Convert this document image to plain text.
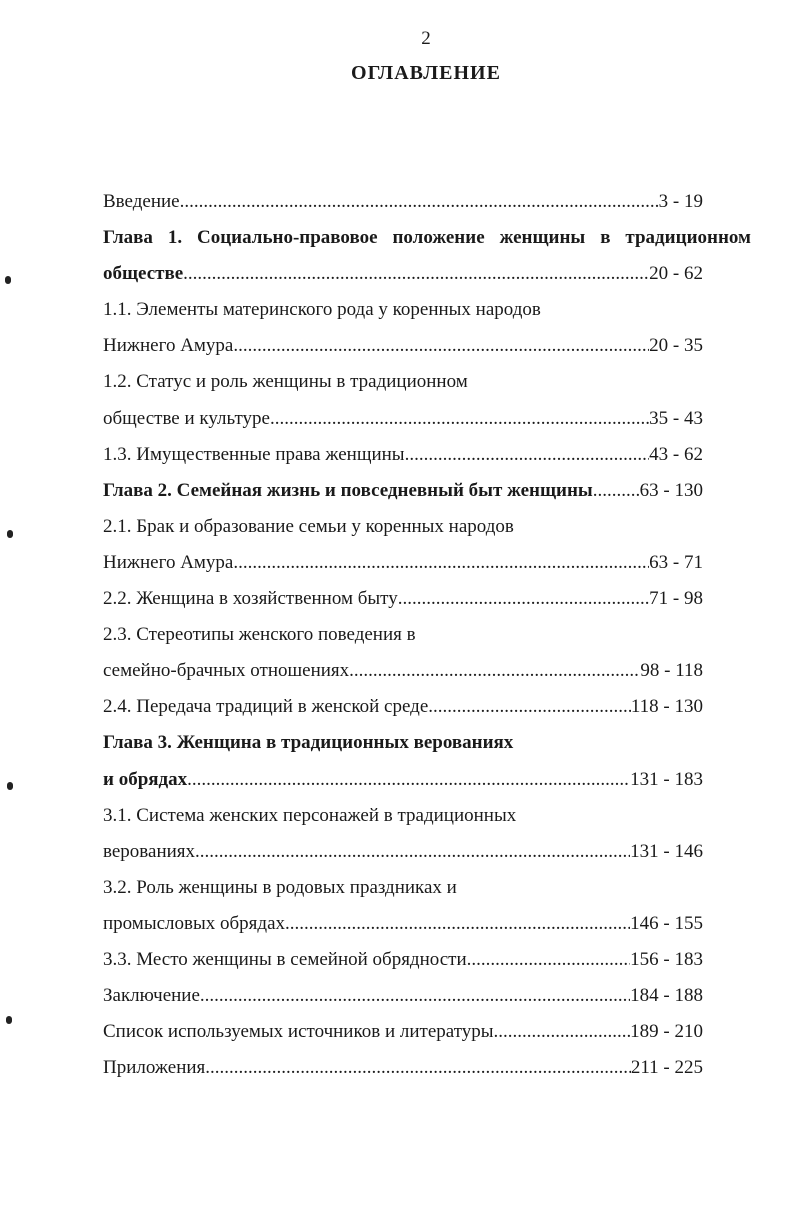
2
ОГЛАВЛЕНИЕ
Введение .....	3 - 19
Глава 1. Социально-правовое положение женщины в традиционном
обществе .....	20 - 62
1.1. Элементы материнского рода у коренных народов
Нижнего Амура .....	20 - 35
1.2. Статус и роль женщины в традиционном
обществе и культуре .....	35 - 43
1.3. Имущественные права женщины .....	43 - 62
Глава 2. Семейная жизнь и повседневный быт женщины ..... 63 - 130
2.1. Брак и образование семьи у коренных народов
Нижнего Амура .....	63 - 71
2.2. Женщина в хозяйственном быту .....	71 - 98
2.3. Стереотипы женского поведения в
семейно-брачных отношениях .....	98 - 118
2.4. Передача традиций в женской среде .....	118 - 130
Глава 3. Женщина в традиционных верованиях
и обрядах .....	131 - 183
3.1. Система женских персонажей в традиционных
верованиях .....	131 - 146
3.2. Роль женщины в родовых праздниках и
промысловых обрядах .....	146 - 155
3.3. Место женщины в семейной обрядности .....	156 - 183
Заключение .....	184 - 188
Список используемых источников и литературы .....	189 - 210
Приложения .....	211 - 225
